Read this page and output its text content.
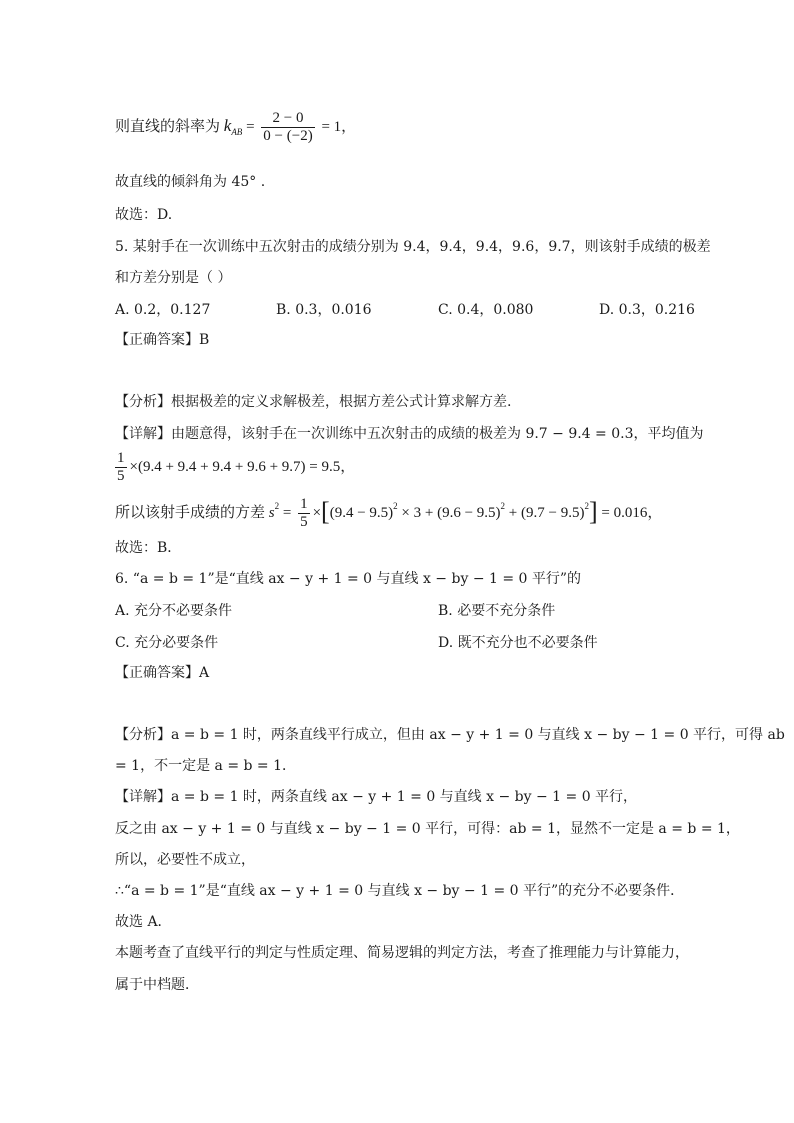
则直线的斜率为 $k_{AB} = \frac{2 - 0}{0 - (-2)} = 1$，
故直线的倾斜角为 45° .
故选：D.
5. 某射手在一次训练中五次射击的成绩分别为 9.4，9.4，9.4，9.6，9.7，则该射手成绩的极差
和方差分别是（ ）
A. 0.2，0.127	B. 0.3，0.016	C. 0.4，0.080	D. 0.3，0.216
【正确答案】B
【分析】根据极差的定义求解极差，根据方差公式计算求解方差.
【详解】由题意得，该射手在一次训练中五次射击的成绩的极差为 9.7 − 9.4 = 0.3，平均值为
$\frac{1}{5} \times(9.4 + 9.4 + 9.4 + 9.6 + 9.7) = 9.5$，
所以该射手成绩的方差 $s^2 = \frac{1}{5} \times[(9.4 - 9.5)^2 \times 3 + (9.6 - 9.5)^2 + (9.7 - 9.5)^2] = 0.016$，
故选：B．
6. “a = b = 1”是“直线 ax − y + 1 = 0 与直线 x − by − 1 = 0 平行”的
A. 充分不必要条件	B. 必要不充分条件
C. 充分必要条件	D. 既不充分也不必要条件
【正确答案】A
【分析】a = b = 1 时，两条直线平行成立，但由 ax − y + 1 = 0 与直线 x − by − 1 = 0 平行，可得 ab
= 1，不一定是 a = b = 1．
【详解】a = b = 1 时，两条直线 ax − y + 1 = 0 与直线 x − by − 1 = 0 平行，
反之由 ax − y + 1 = 0 与直线 x − by − 1 = 0 平行，可得：ab = 1，显然不一定是 a = b = 1，
所以，必要性不成立，
∴“a = b = 1”是“直线 ax − y + 1 = 0 与直线 x − by − 1 = 0 平行”的充分不必要条件．
故选 A．
本题考查了直线平行的判定与性质定理、简易逻辑的判定方法，考查了推理能力与计算能力，
属于中档题．
